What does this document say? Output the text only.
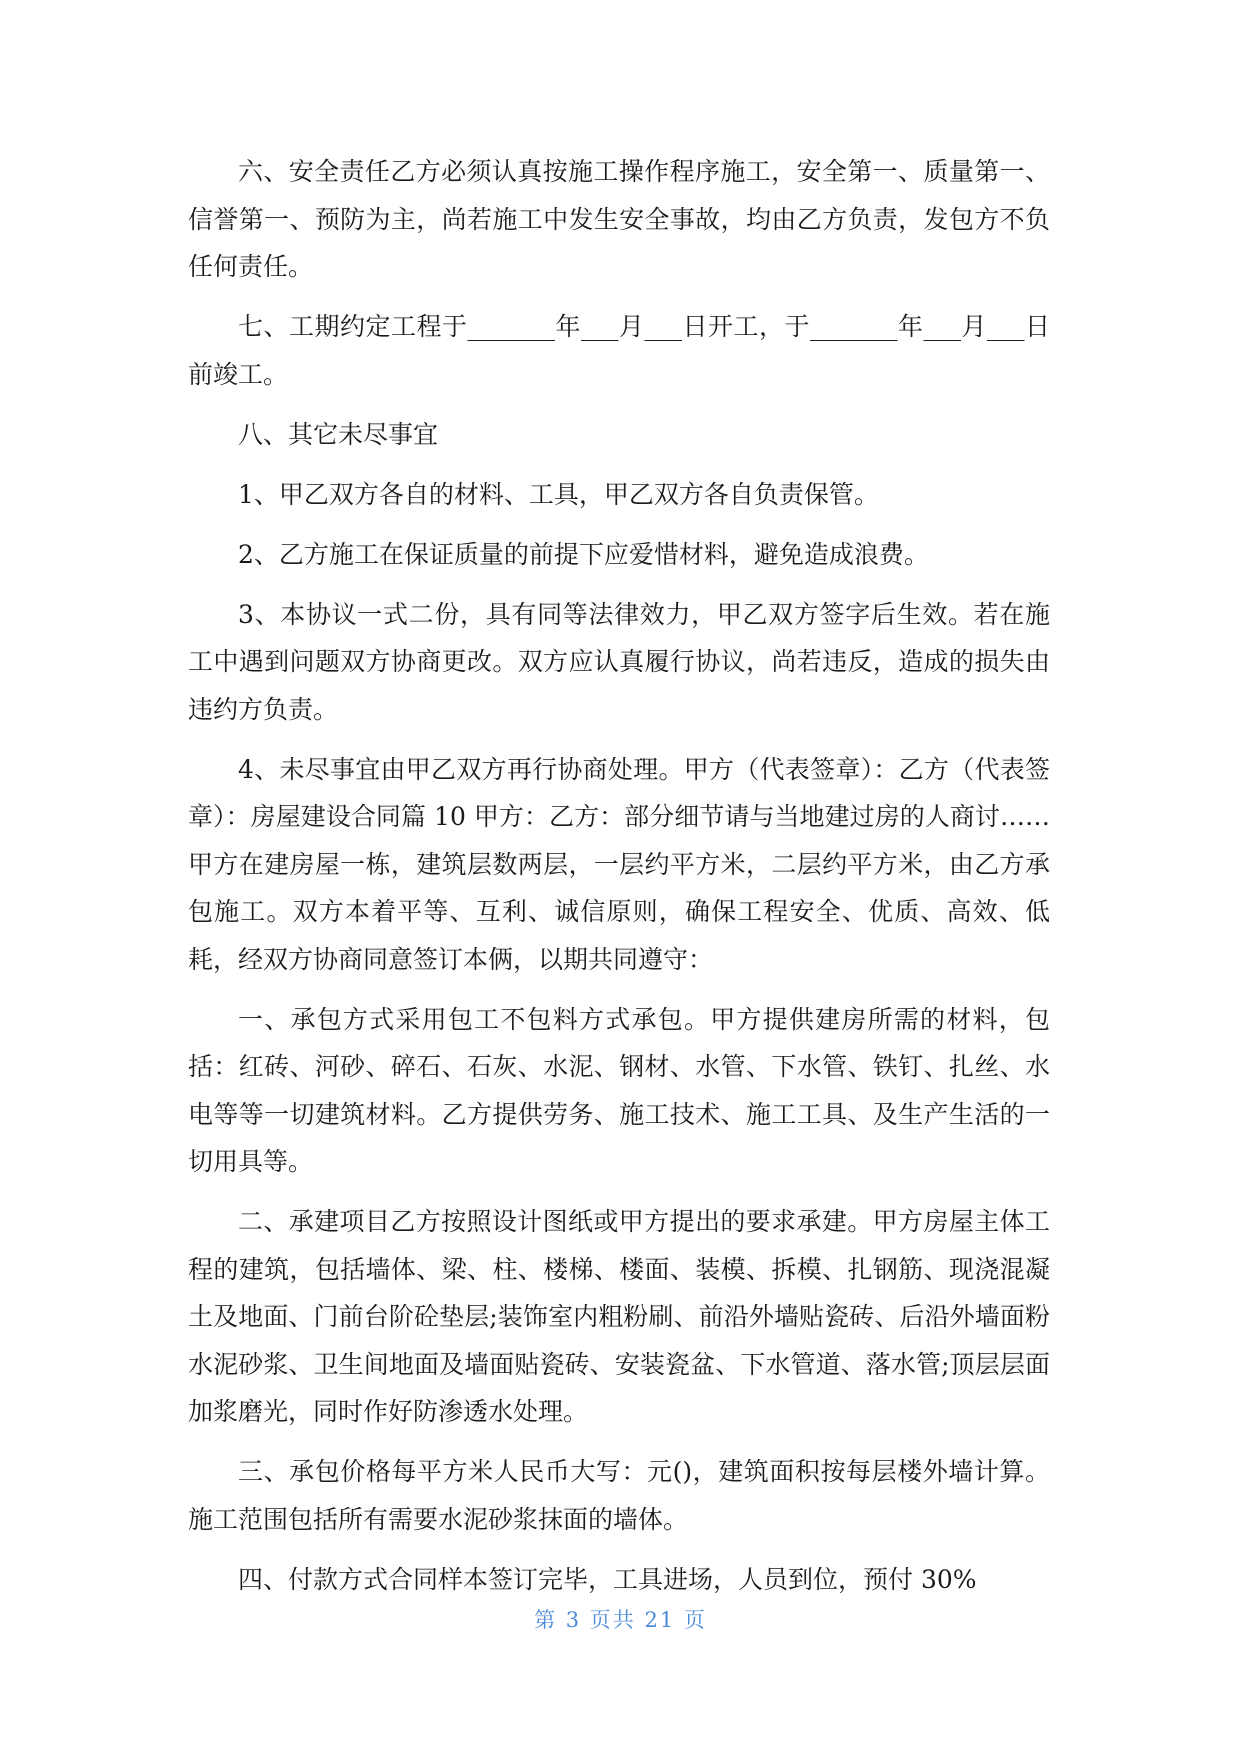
六、安全责任乙方必须认真按施工操作程序施工，安全第一、质量第一、信誉第一、预防为主，尚若施工中发生安全事故，均由乙方负责，发包方不负任何责任。

七、工期约定工程于_______年___月___日开工，于_______年___月___日前竣工。

八、其它未尽事宜

1、甲乙双方各自的材料、工具，甲乙双方各自负责保管。

2、乙方施工在保证质量的前提下应爱惜材料，避免造成浪费。

3、本协议一式二份，具有同等法律效力，甲乙双方签字后生效。若在施工中遇到问题双方协商更改。双方应认真履行协议，尚若违反，造成的损失由违约方负责。

4、未尽事宜由甲乙双方再行协商处理。甲方（代表签章）：乙方（代表签章）：房屋建设合同篇 10 甲方：乙方：部分细节请与当地建过房的人商讨……甲方在建房屋一栋，建筑层数两层，一层约平方米，二层约平方米，由乙方承包施工。双方本着平等、互利、诚信原则，确保工程安全、优质、高效、低耗，经双方协商同意签订本俩，以期共同遵守：

一、承包方式采用包工不包料方式承包。甲方提供建房所需的材料，包括：红砖、河砂、碎石、石灰、水泥、钢材、水管、下水管、铁钉、扎丝、水电等等一切建筑材料。乙方提供劳务、施工技术、施工工具、及生产生活的一切用具等。

二、承建项目乙方按照设计图纸或甲方提出的要求承建。甲方房屋主体工程的建筑，包括墙体、梁、柱、楼梯、楼面、装模、拆模、扎钢筋、现浇混凝土及地面、门前台阶砼垫层;装饰室内粗粉刷、前沿外墙贴瓷砖、后沿外墙面粉水泥砂浆、卫生间地面及墙面贴瓷砖、安装瓷盆、下水管道、落水管;顶层层面加浆磨光，同时作好防渗透水处理。

三、承包价格每平方米人民币大写：元()，建筑面积按每层楼外墙计算。施工范围包括所有需要水泥砂浆抹面的墙体。

四、付款方式合同样本签订完毕，工具进场，人员到位，预付 30%

第 3 页共 21 页
